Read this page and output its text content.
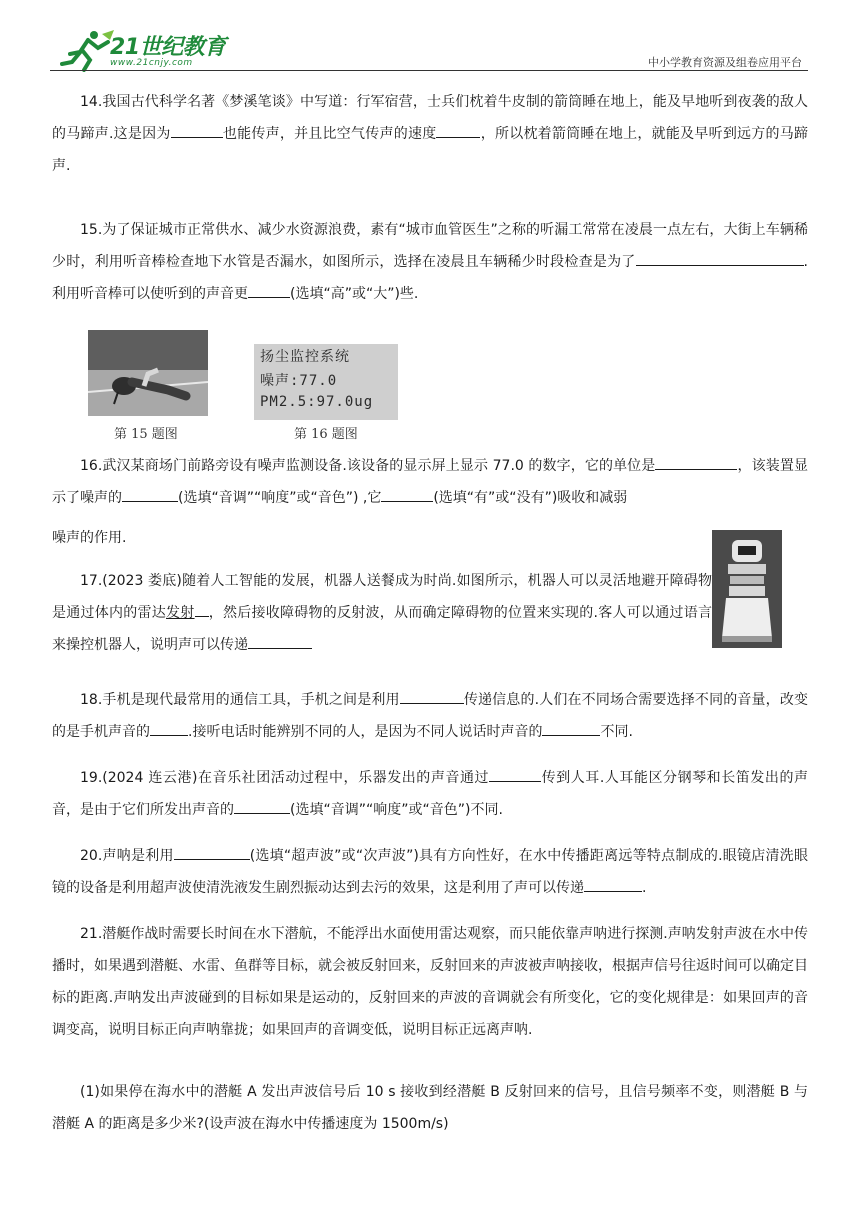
21世纪教育
www.21cnjy.com	中小学教育资源及组卷应用平台

14.我国古代科学名著《梦溪笔谈》中写道：行军宿营，士兵们枕着牛皮制的箭筒睡在地上，能及早地听到夜袭的敌人的马蹄声.这是因为	也能传声，并且比空气传声的速度	，所以枕着箭筒睡在地上，就能及早听到远方的马蹄声.

15.为了保证城市正常供水、减少水资源浪费，素有“城市血管医生”之称的听漏工常常在凌晨一点左右，大街上车辆稀少时，利用听音棒检查地下水管是否漏水，如图所示，选择在凌晨且车辆稀少时段检查是为了	.利用听音棒可以使听到的声音更	(选填“高”或“大”)些.

扬尘监控系统
噪声:77.0
PM2.5:97.0ug
第 15 题图	第 16 题图

16.武汉某商场门前路旁设有噪声监测设备.该设备的显示屏上显示 77.0 的数字，它的单位是	，该装置显示了噪声的	(选填“音调”“响度”或“音色”) ,它	(选填“有”或“没有”)吸收和减弱

噪声的作用.

17.(2023 娄底)随着人工智能的发展，机器人送餐成为时尚.如图所示，机器人可以灵活地避开障碍物是通过体内的雷达发射 ，然后接收障碍物的反射波，从而确定障碍物的位置来实现的.客人可以通过语言来操控机器人，说明声可以传递

18.手机是现代最常用的通信工具，手机之间是利用	传递信息的.人们在不同场合需要选择不同的音量，改变的是手机声音的	.接听电话时能辨别不同的人，是因为不同人说话时声音的	不同.

19.(2024 连云港)在音乐社团活动过程中，乐器发出的声音通过	传到人耳.人耳能区分钢琴和长笛发出的声音，是由于它们所发出声音的	(选填“音调”“响度”或“音色”)不同.

20.声呐是利用	(选填“超声波”或“次声波”)具有方向性好，在水中传播距离远等特点制成的.眼镜店清洗眼镜的设备是利用超声波使清洗液发生剧烈振动达到去污的效果，这是利用了声可以传递	.

21.潜艇作战时需要长时间在水下潜航，不能浮出水面使用雷达观察，而只能依靠声呐进行探测.声呐发射声波在水中传播时，如果遇到潜艇、水雷、鱼群等目标，就会被反射回来，反射回来的声波被声呐接收，根据声信号往返时间可以确定目标的距离.声呐发出声波碰到的目标如果是运动的，反射回来的声波的音调就会有所变化，它的变化规律是：如果回声的音调变高，说明目标正向声呐靠拢；如果回声的音调变低，说明目标正远离声呐.

(1)如果停在海水中的潜艇 A 发出声波信号后 10 s 接收到经潜艇 B 反射回来的信号，且信号频率不变，则潜艇 B 与潜艇 A 的距离是多少米?(设声波在海水中传播速度为 1500m/s)
